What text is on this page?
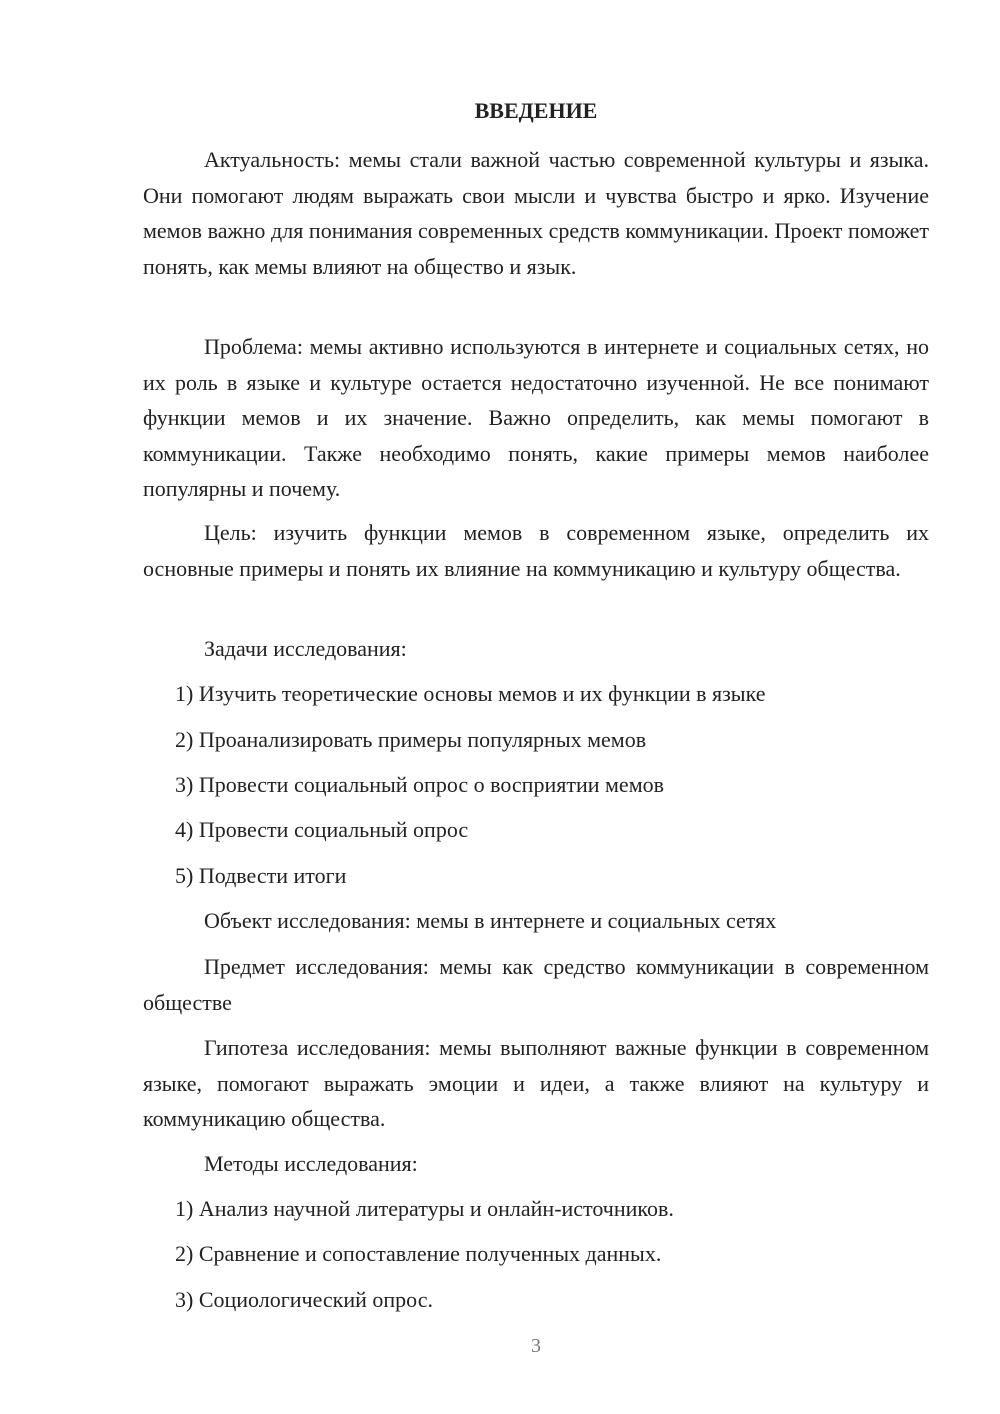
ВВЕДЕНИЕ

Актуальность: мемы стали важной частью современной культуры и языка. Они помогают людям выражать свои мысли и чувства быстро и ярко. Изучение мемов важно для понимания современных средств коммуникации. Проект поможет понять, как мемы влияют на общество и язык.

Проблема: мемы активно используются в интернете и социальных сетях, но их роль в языке и культуре остается недостаточно изученной. Не все понимают функции мемов и их значение. Важно определить, как мемы помогают в коммуникации. Также необходимо понять, какие примеры мемов наиболее популярны и почему.

Цель: изучить функции мемов в современном языке, определить их основные примеры и понять их влияние на коммуникацию и культуру общества.

Задачи исследования:

1) Изучить теоретические основы мемов и их функции в языке

2) Проанализировать примеры популярных мемов

3) Провести социальный опрос о восприятии мемов

4) Провести социальный опрос

5) Подвести итоги

Объект исследования: мемы в интернете и социальных сетях

Предмет исследования: мемы как средство коммуникации в современном обществе

Гипотеза исследования: мемы выполняют важные функции в современном языке, помогают выражать эмоции и идеи, а также влияют на культуру и коммуникацию общества.

Методы исследования:

1) Анализ научной литературы и онлайн-источников.

2) Сравнение и сопоставление полученных данных.

3) Социологический опрос.

3
